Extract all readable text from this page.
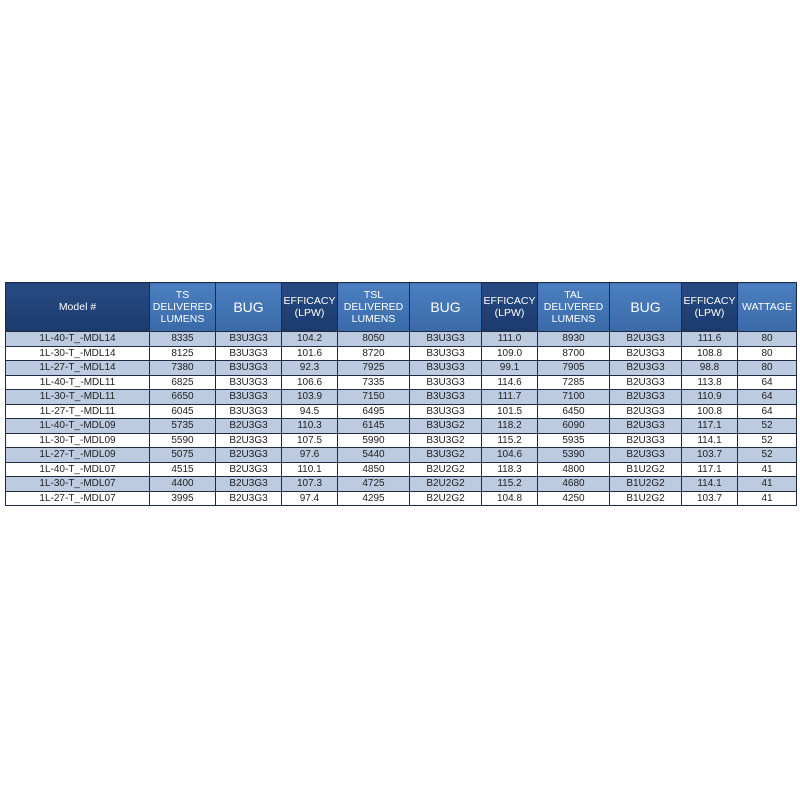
Model #	TS DELIVERED LUMENS	BUG	EFFICACY (LPW)	TSL DELIVERED LUMENS	BUG	EFFICACY (LPW)	TAL DELIVERED LUMENS	BUG	EFFICACY (LPW)	WATTAGE
1L-40-T_-MDL14	8335	B3U3G3	104.2	8050	B3U3G3	111.0	8930	B2U3G3	111.6	80
1L-30-T_-MDL14	8125	B3U3G3	101.6	8720	B3U3G3	109.0	8700	B2U3G3	108.8	80
1L-27-T_-MDL14	7380	B3U3G3	92.3	7925	B3U3G3	99.1	7905	B2U3G3	98.8	80
1L-40-T_-MDL11	6825	B3U3G3	106.6	7335	B3U3G3	114.6	7285	B2U3G3	113.8	64
1L-30-T_-MDL11	6650	B3U3G3	103.9	7150	B3U3G3	111.7	7100	B2U3G3	110.9	64
1L-27-T_-MDL11	6045	B3U3G3	94.5	6495	B3U3G3	101.5	6450	B2U3G3	100.8	64
1L-40-T_-MDL09	5735	B2U3G3	110.3	6145	B3U3G2	118.2	6090	B2U3G3	117.1	52
1L-30-T_-MDL09	5590	B2U3G3	107.5	5990	B3U3G2	115.2	5935	B2U3G3	114.1	52
1L-27-T_-MDL09	5075	B2U3G3	97.6	5440	B3U3G2	104.6	5390	B2U3G3	103.7	52
1L-40-T_-MDL07	4515	B2U3G3	110.1	4850	B2U2G2	118.3	4800	B1U2G2	117.1	41
1L-30-T_-MDL07	4400	B2U3G3	107.3	4725	B2U2G2	115.2	4680	B1U2G2	114.1	41
1L-27-T_-MDL07	3995	B2U3G3	97.4	4295	B2U2G2	104.8	4250	B1U2G2	103.7	41
